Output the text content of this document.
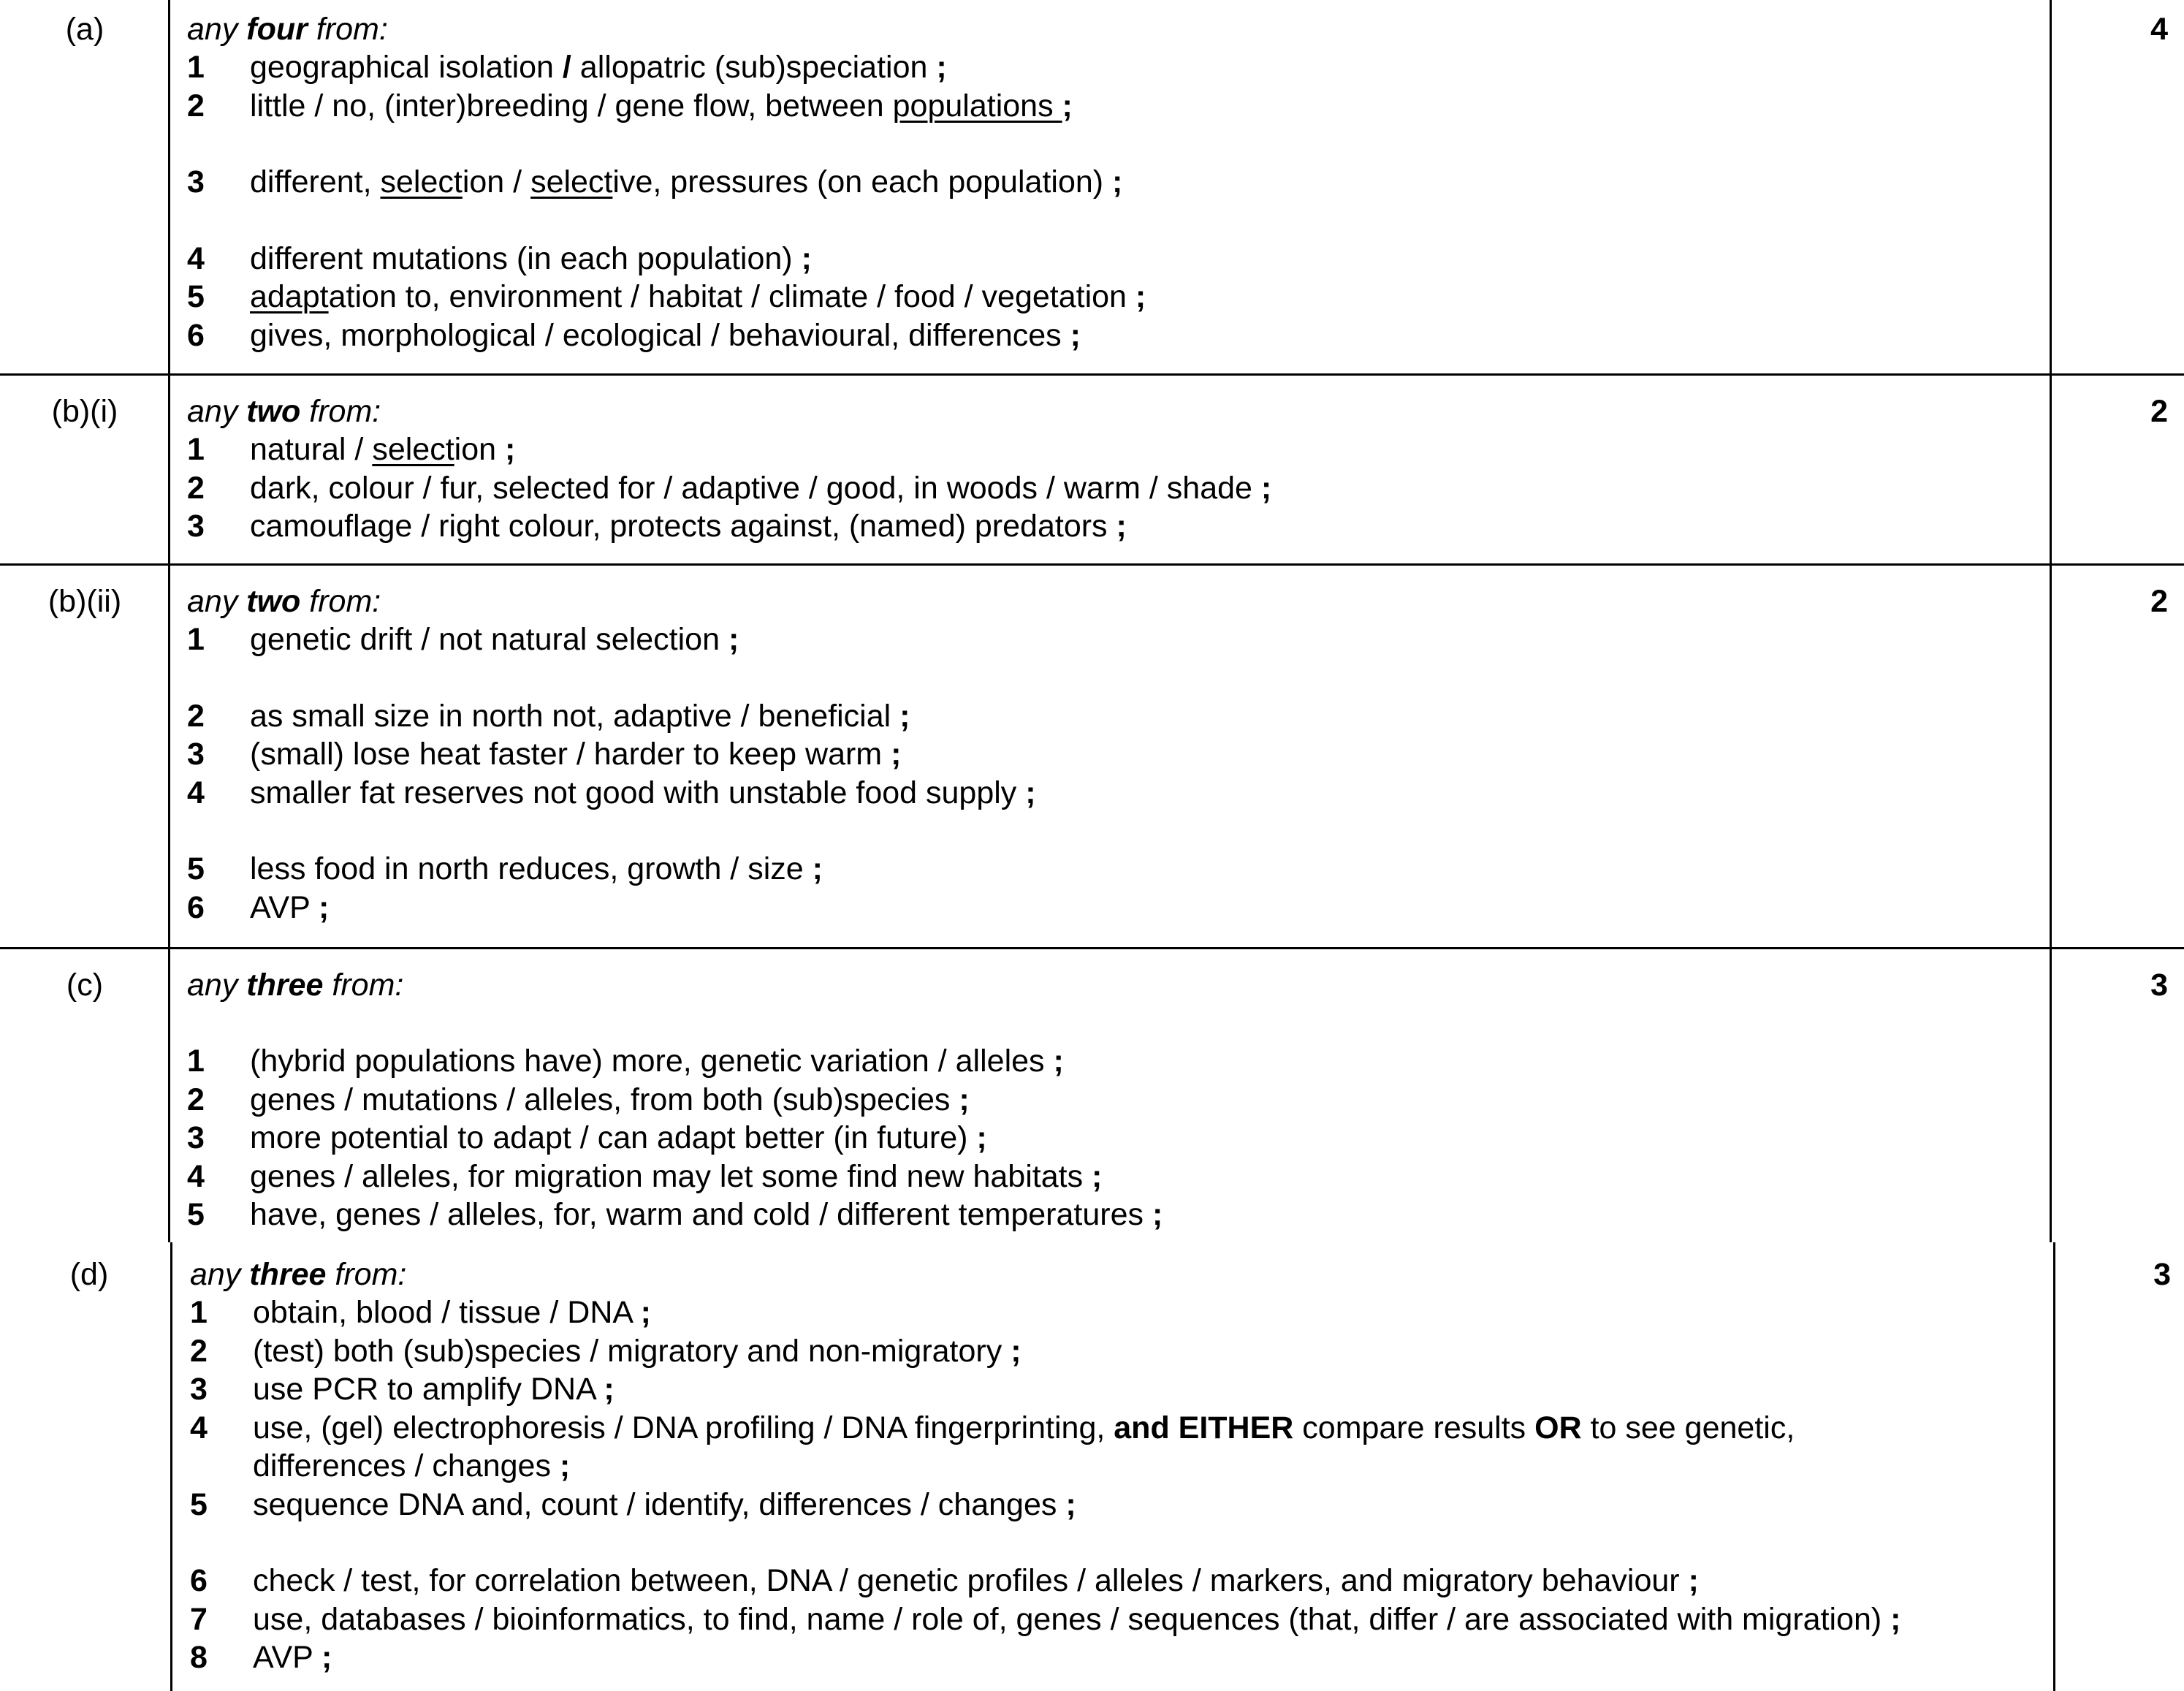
(a)	4
any four from:
1	geographical isolation / allopatric (sub)speciation ;
2	little / no, (inter)breeding / gene flow, between populations ;
3	different, selection / selective, pressures (on each population) ;
4	different mutations (in each population) ;
5	adaptation to, environment / habitat / climate / food / vegetation ;
6	gives, morphological / ecological / behavioural, differences ;
(b)(i)	2
any two from:
1	natural / selection ;
2	dark, colour / fur, selected for / adaptive / good, in woods / warm / shade ;
3	camouflage / right colour, protects against, (named) predators ;
(b)(ii)	2
any two from:
1	genetic drift / not natural selection ;
2	as small size in north not, adaptive / beneficial ;
3	(small) lose heat faster / harder to keep warm ;
4	smaller fat reserves not good with unstable food supply ;
5	less food in north reduces, growth / size ;
6	AVP ;
(c)	3
any three from:
1	(hybrid populations have) more, genetic variation / alleles ;
2	genes / mutations / alleles, from both (sub)species ;
3	more potential to adapt / can adapt better (in future) ;
4	genes / alleles, for migration may let some find new habitats ;
5	have, genes / alleles, for, warm and cold / different temperatures ;
(d)	3
any three from:
1	obtain, blood / tissue / DNA ;
2	(test) both (sub)species / migratory and non-migratory ;
3	use PCR to amplify DNA ;
4	use, (gel) electrophoresis / DNA profiling / DNA fingerprinting, and EITHER compare results OR to see genetic,
differences / changes ;
5	sequence DNA and, count / identify, differences / changes ;
6	check / test, for correlation between, DNA / genetic profiles / alleles / markers, and migratory behaviour ;
7	use, databases / bioinformatics, to find, name / role of, genes / sequences (that, differ / are associated with migration) ;
8	AVP ;
